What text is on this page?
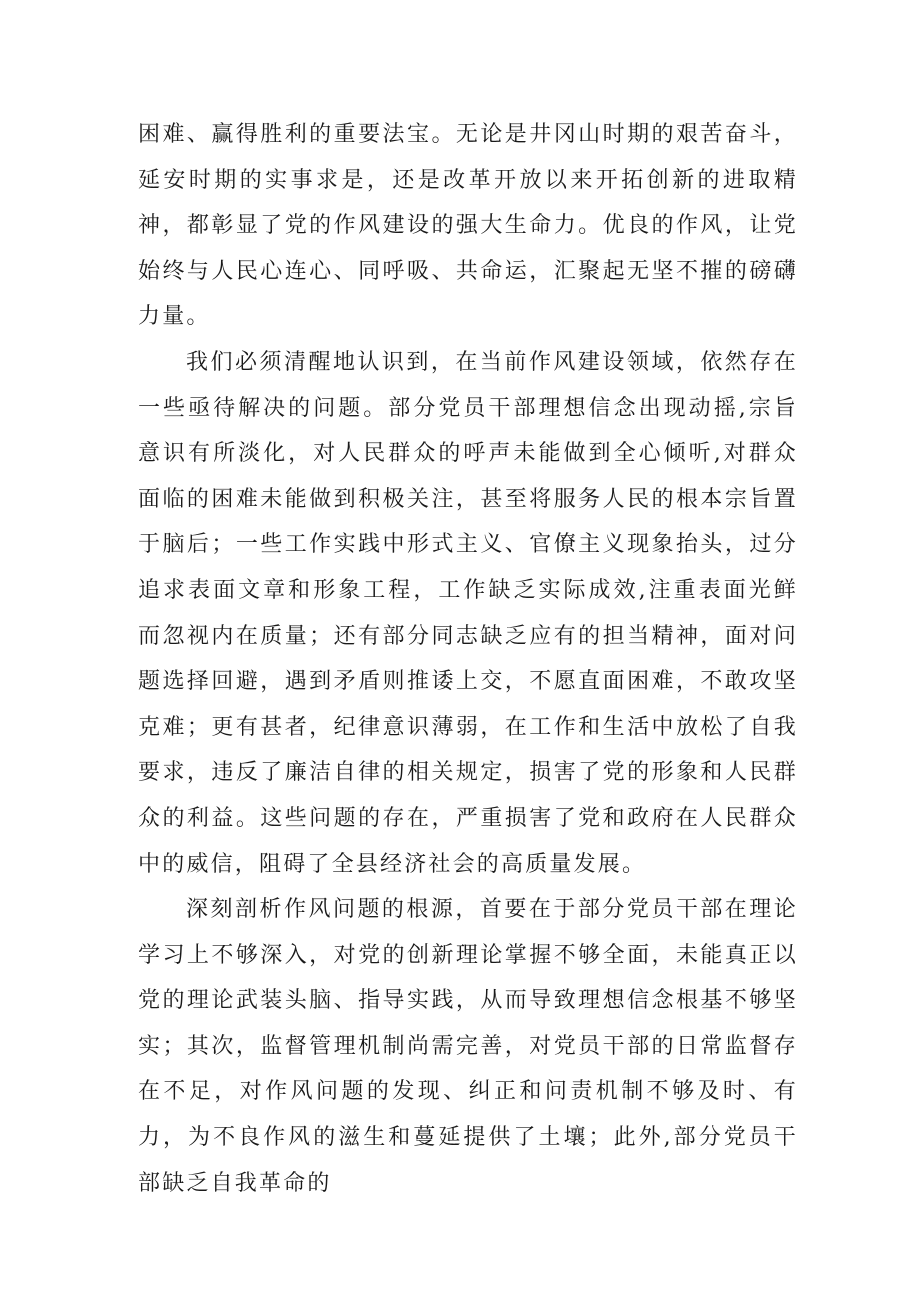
困难、赢得胜利的重要法宝。无论是井冈山时期的艰苦奋斗，延安时期的实事求是，还是改革开放以来开拓创新的进取精神，都彰显了党的作风建设的强大生命力。优良的作风，让党始终与人民心连心、同呼吸、共命运，汇聚起无坚不摧的磅礴力量。

我们必须清醒地认识到，在当前作风建设领域，依然存在一些亟待解决的问题。部分党员干部理想信念出现动摇,宗旨意识有所淡化，对人民群众的呼声未能做到全心倾听,对群众面临的困难未能做到积极关注，甚至将服务人民的根本宗旨置于脑后；一些工作实践中形式主义、官僚主义现象抬头，过分追求表面文章和形象工程，工作缺乏实际成效,注重表面光鲜而忽视内在质量；还有部分同志缺乏应有的担当精神，面对问题选择回避，遇到矛盾则推诿上交，不愿直面困难，不敢攻坚克难；更有甚者，纪律意识薄弱，在工作和生活中放松了自我要求，违反了廉洁自律的相关规定，损害了党的形象和人民群众的利益。这些问题的存在，严重损害了党和政府在人民群众中的威信，阻碍了全县经济社会的高质量发展。

深刻剖析作风问题的根源，首要在于部分党员干部在理论学习上不够深入，对党的创新理论掌握不够全面，未能真正以党的理论武装头脑、指导实践，从而导致理想信念根基不够坚实；其次，监督管理机制尚需完善，对党员干部的日常监督存在不足，对作风问题的发现、纠正和问责机制不够及时、有力，为不良作风的滋生和蔓延提供了土壤；此外,部分党员干部缺乏自我革命的
